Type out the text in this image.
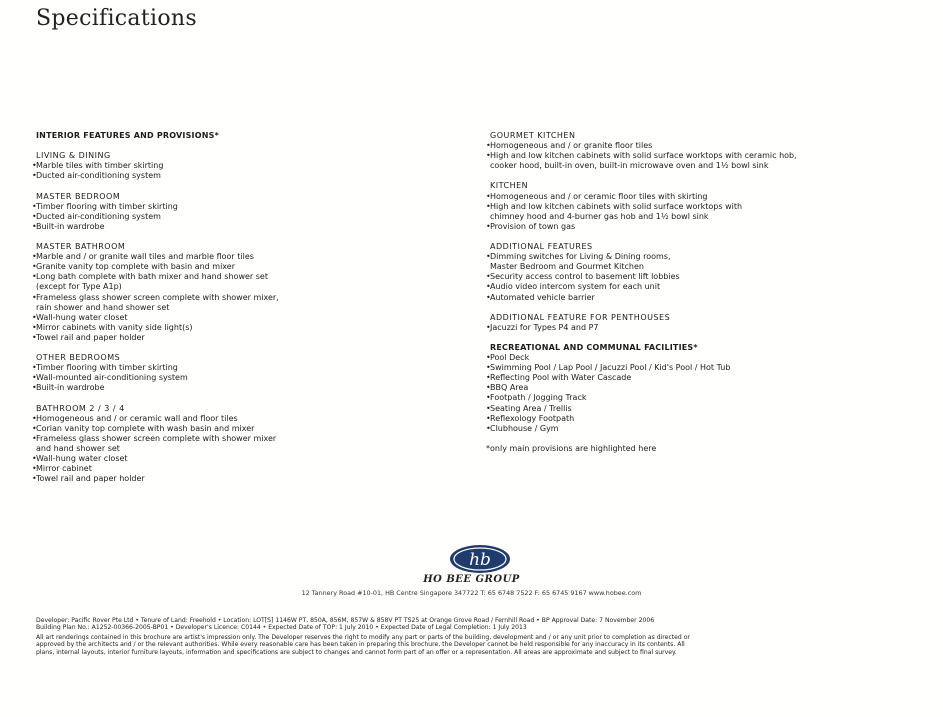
Specifications
INTERIOR FEATURES AND PROVISIONS*
LIVING & DINING
•Marble tiles with timber skirting
•Ducted air-conditioning system
MASTER BEDROOM
•Timber flooring with timber skirting
•Ducted air-conditioning system
•Built-in wardrobe
MASTER BATHROOM
•Marble and / or granite wall tiles and marble floor tiles
•Granite vanity top complete with basin and mixer
•Long bath complete with bath mixer and hand shower set
(except for Type A1p)
•Frameless glass shower screen complete with shower mixer,
rain shower and hand shower set
•Wall-hung water closet
•Mirror cabinets with vanity side light(s)
•Towel rail and paper holder
OTHER BEDROOMS
•Timber flooring with timber skirting
•Wall-mounted air-conditioning system
•Built-in wardrobe
BATHROOM 2 / 3 / 4
•Homogeneous and / or ceramic wall and floor tiles
•Corian vanity top complete with wash basin and mixer
•Frameless glass shower screen complete with shower mixer
and hand shower set
•Wall-hung water closet
•Mirror cabinet
•Towel rail and paper holder
GOURMET KITCHEN
•Homogeneous and / or granite floor tiles
•High and low kitchen cabinets with solid surface worktops with ceramic hob,
cooker hood, built-in oven, built-in microwave oven and 1½ bowl sink
KITCHEN
•Homogeneous and / or ceramic floor tiles with skirting
•High and low kitchen cabinets with solid surface worktops with
chimney hood and 4-burner gas hob and 1½ bowl sink
•Provision of town gas
ADDITIONAL FEATURES
•Dimming switches for Living & Dining rooms,
Master Bedroom and Gourmet Kitchen
•Security access control to basement lift lobbies
•Audio video intercom system for each unit
•Automated vehicle barrier
ADDITIONAL FEATURE FOR PENTHOUSES
•Jacuzzi for Types P4 and P7
RECREATIONAL AND COMMUNAL FACILITIES*
•Pool Deck
•Swimming Pool / Lap Pool / Jacuzzi Pool / Kid's Pool / Hot Tub
•Reflecting Pool with Water Cascade
•BBQ Area
•Footpath / Jogging Track
•Seating Area / Trellis
•Reflexology Footpath
•Clubhouse / Gym
*only main provisions are highlighted here
hb
HO BEE GROUP
12 Tannery Road #10-01, HB Centre Singapore 347722 T: 65 6748 7522 F: 65 6745 9167 www.hobee.com
Developer: Pacific Rover Pte Ltd • Tenure of Land: Freehold • Location: LOT[S] 1146W PT, 850A, 856M, 857W & 858V PT TS25 at Orange Grove Road / Fernhill Road • BP Approval Date: 7 November 2006
Building Plan No.: A1252-00366-2005-BP01 • Developer's Licence: C0144 • Expected Date of TOP: 1 July 2010 • Expected Date of Legal Completion: 1 July 2013
All art renderings contained in this brochure are artist's impression only. The Developer reserves the right to modify any part or parts of the building, development and / or any unit prior to completion as directed or
approved by the architects and / or the relevant authorities. While every reasonable care has been taken in preparing this brochure, the Developer cannot be held responsible for any inaccuracy in its contents. All
plans, internal layouts, interior furniture layouts, information and specifications are subject to changes and cannot form part of an offer or a representation. All areas are approximate and subject to final survey.
